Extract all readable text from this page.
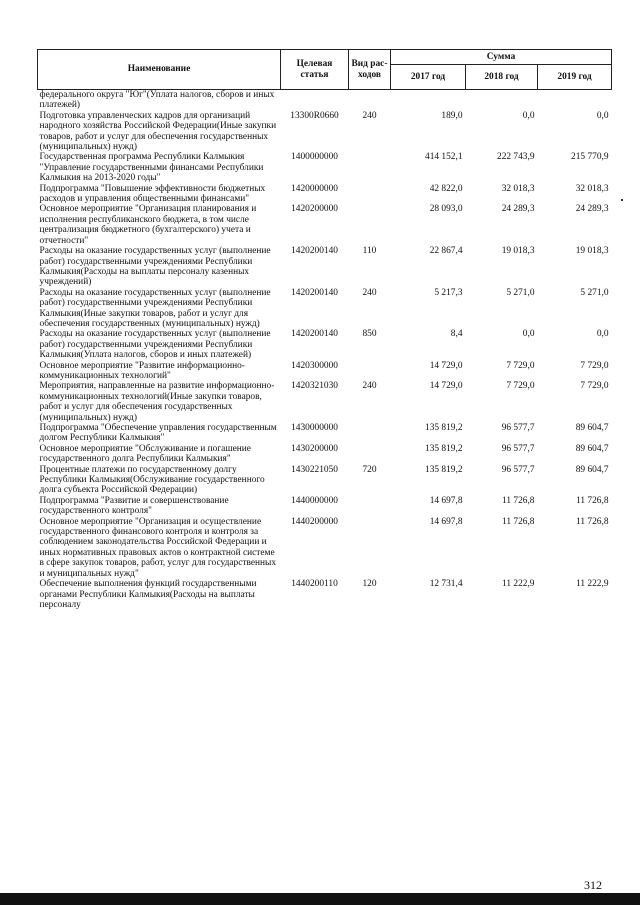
Наименование	Целевая статья	Вид рас-ходов	Сумма		
			2017 год	2018 год	2019 год
федерального округа "Юг"(Уплата налогов, сборов и иных платежей)					
Подготовка управленческих кадров для организаций народного хозяйства Российской Федерации(Иные закупки товаров, работ и услуг для обеспечения государственных (муниципальных) нужд)	13300R0660	240	189,0	0,0	0,0
Государственная программа Республики Калмыкия "Управление государственными финансами Республики Калмыкия на 2013-2020 годы"	1400000000		414 152,1	222 743,9	215 770,9
Подпрограмма "Повышение эффективности бюджетных расходов и управления общественными финансами"	1420000000		42 822,0	32 018,3	32 018,3
Основное мероприятие "Организация планирования и исполнения республиканского бюджета, в том числе централизация бюджетного (бухгалтерского) учета и отчетности"	1420200000		28 093,0	24 289,3	24 289,3
Расходы на оказание государственных услуг (выполнение работ) государственными учреждениями Республики Калмыкия(Расходы на выплаты персоналу казенных учреждений)	1420200140	110	22 867,4	19 018,3	19 018,3
Расходы на оказание государственных услуг (выполнение работ) государственными учреждениями Республики Калмыкия(Иные закупки товаров, работ и услуг для обеспечения государственных (муниципальных) нужд)	1420200140	240	5 217,3	5 271,0	5 271,0
Расходы на оказание государственных услуг (выполнение работ) государственными учреждениями Республики Калмыкия(Уплата налогов, сборов и иных платежей)	1420200140	850	8,4	0,0	0,0
Основное мероприятие "Развитие информационно-коммуникационных технологий"	1420300000		14 729,0	7 729,0	7 729,0
Мероприятия, направленные на развитие информационно-коммуникационных технологий(Иные закупки товаров, работ и услуг для обеспечения государственных (муниципальных) нужд)	1420321030	240	14 729,0	7 729,0	7 729,0
Подпрограмма "Обеспечение управления государственным долгом Республики Калмыкия"	1430000000		135 819,2	96 577,7	89 604,7
Основное мероприятие "Обслуживание и погашение государственного долга Республики Калмыкия"	1430200000		135 819,2	96 577,7	89 604,7
Процентные платежи по государственному долгу Республики Калмыкия(Обслуживание государственного долга субъекта Российской Федерации)	1430221050	720	135 819,2	96 577,7	89 604,7
Подпрограмма "Развитие и совершенствование государственного контроля"	1440000000		14 697,8	11 726,8	11 726,8
Основное мероприятие "Организация и осуществление государственного финансового контроля и контроля за соблюдением законодательства Российской Федерации и иных нормативных правовых актов о контрактной системе в сфере закупок товаров, работ, услуг для государственных и муниципальных нужд"	1440200000		14 697,8	11 726,8	11 726,8
Обеспечение выполнения функций государственными органами Республики Калмыкия(Расходы на выплаты персоналу	1440200110	120	12 731,4	11 222,9	11 222,9
312
